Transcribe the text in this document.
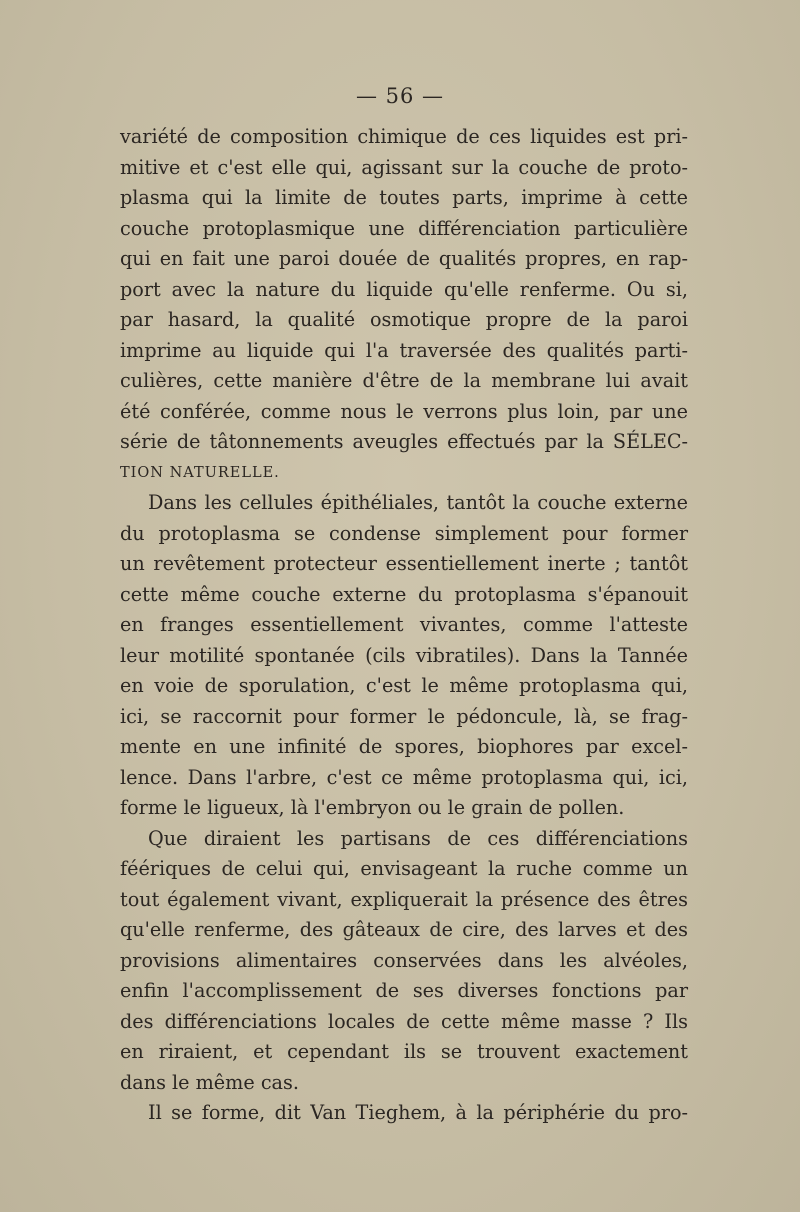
— 56 —
variété de composition chimique de ces liquides est pri-
mitive et c'est elle qui, agissant sur la couche de proto-
plasma qui la limite de toutes parts, imprime à cette
couche protoplasmique une différenciation particulière
qui en fait une paroi douée de qualités propres, en rap-
port avec la nature du liquide qu'elle renferme. Ou si,
par hasard, la qualité osmotique propre de la paroi
imprime au liquide qui l'a traversée des qualités parti-
culières, cette manière d'être de la membrane lui avait
été conférée, comme nous le verrons plus loin, par une
série de tâtonnements aveugles effectués par la SÉLEC-
TION NATURELLE.
Dans les cellules épithéliales, tantôt la couche externe
du protoplasma se condense simplement pour former
un revêtement protecteur essentiellement inerte ; tantôt
cette même couche externe du protoplasma s'épanouit
en franges essentiellement vivantes, comme l'atteste
leur motilité spontanée (cils vibratiles). Dans la Tannée
en voie de sporulation, c'est le même protoplasma qui,
ici, se raccornit pour former le pédoncule, là, se frag-
mente en une infinité de spores, biophores par excel-
lence. Dans l'arbre, c'est ce même protoplasma qui, ici,
forme le ligueux, là l'embryon ou le grain de pollen.
Que diraient les partisans de ces différenciations
féériques de celui qui, envisageant la ruche comme un
tout également vivant, expliquerait la présence des êtres
qu'elle renferme, des gâteaux de cire, des larves et des
provisions alimentaires conservées dans les alvéoles,
enfin l'accomplissement de ses diverses fonctions par
des différenciations locales de cette même masse ? Ils
en riraient, et cependant ils se trouvent exactement
dans le même cas.
Il se forme, dit Van Tieghem, à la périphérie du pro-
